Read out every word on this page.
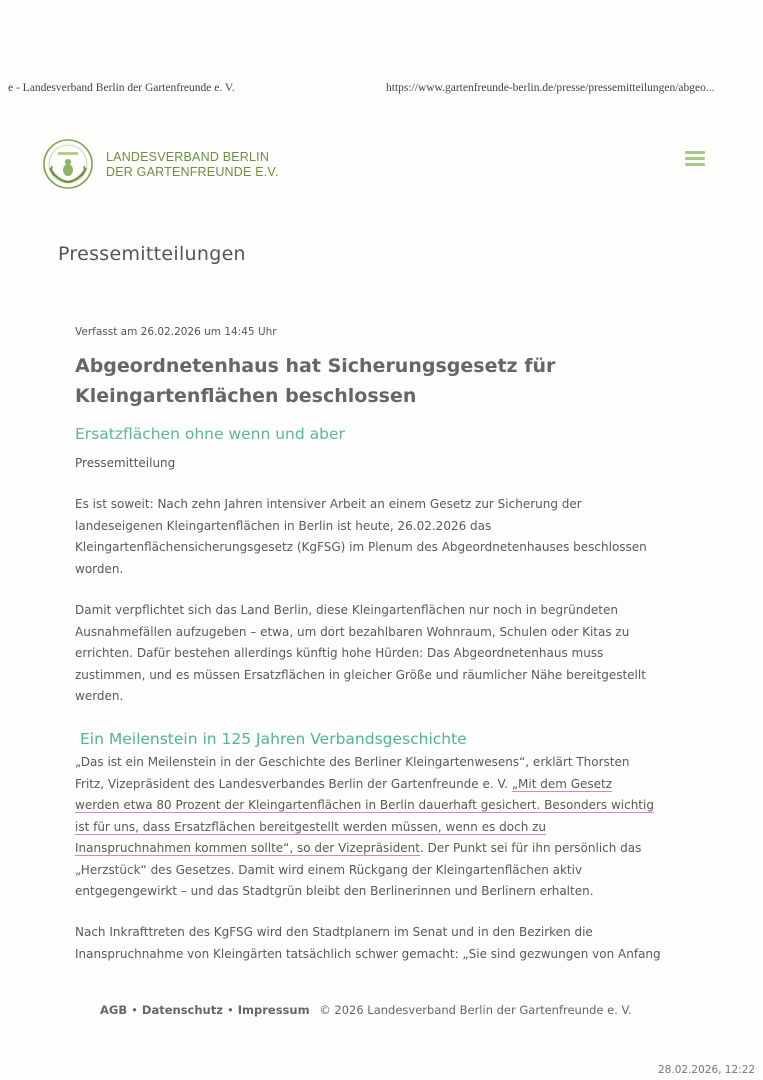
e - Landesverband Berlin der Gartenfreunde e. V.	https://www.gartenfreunde-berlin.de/presse/pressemitteilungen/abgeo...
LANDESVERBAND BERLIN
DER GARTENFREUNDE E.V.
Pressemitteilungen
Verfasst am 26.02.2026 um 14:45 Uhr
Abgeordnetenhaus hat Sicherungsgesetz für
Kleingartenflächen beschlossen
Ersatzflächen ohne wenn und aber
Pressemitteilung
Es ist soweit: Nach zehn Jahren intensiver Arbeit an einem Gesetz zur Sicherung der
landeseigenen Kleingartenflächen in Berlin ist heute, 26.02.2026 das
Kleingartenflächensicherungsgesetz (KgFSG) im Plenum des Abgeordnetenhauses beschlossen
worden.
Damit verpflichtet sich das Land Berlin, diese Kleingartenflächen nur noch in begründeten
Ausnahmefällen aufzugeben – etwa, um dort bezahlbaren Wohnraum, Schulen oder Kitas zu
errichten. Dafür bestehen allerdings künftig hohe Hürden: Das Abgeordnetenhaus muss
zustimmen, und es müssen Ersatzflächen in gleicher Größe und räumlicher Nähe bereitgestellt
werden.
Ein Meilenstein in 125 Jahren Verbandsgeschichte
„Das ist ein Meilenstein in der Geschichte des Berliner Kleingartenwesens“, erklärt Thorsten
Fritz, Vizepräsident des Landesverbandes Berlin der Gartenfreunde e. V. „Mit dem Gesetz
werden etwa 80 Prozent der Kleingartenflächen in Berlin dauerhaft gesichert. Besonders wichtig
ist für uns, dass Ersatzflächen bereitgestellt werden müssen, wenn es doch zu
Inanspruchnahmen kommen sollte“, so der Vizepräsident. Der Punkt sei für ihn persönlich das
„Herzstück“ des Gesetzes. Damit wird einem Rückgang der Kleingartenflächen aktiv
entgegengewirkt – und das Stadtgrün bleibt den Berlinerinnen und Berlinern erhalten.
Nach Inkrafttreten des KgFSG wird den Stadtplanern im Senat und in den Bezirken die
Inanspruchnahme von Kleingärten tatsächlich schwer gemacht: „Sie sind gezwungen von Anfang
AGB • Datenschutz • Impressum © 2026 Landesverband Berlin der Gartenfreunde e. V.
28.02.2026, 12:22
